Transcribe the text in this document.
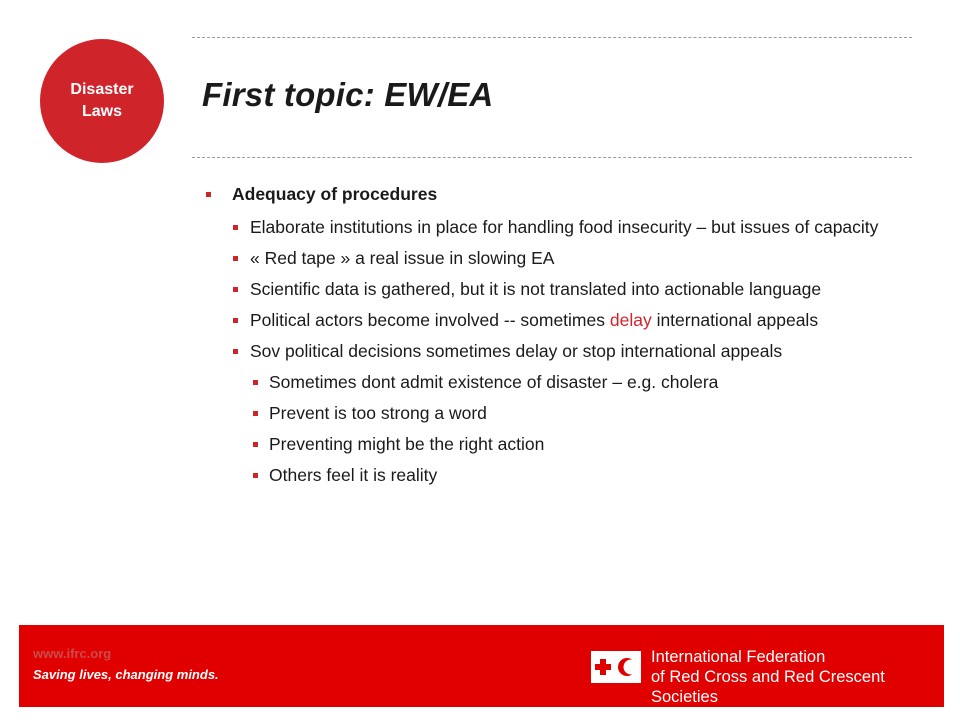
Disaster
Laws First topic: EW/EA
Adequacy of procedures
Elaborate institutions in place for handling food insecurity – but issues of capacity
« Red tape » a real issue in slowing EA
Scientific data is gathered, but it is not translated into actionable language
Political actors become involved -- sometimes delay international appeals
Sov political decisions sometimes delay or stop international appeals
Sometimes dont admit existence of disaster – e.g. cholera
Prevent is too strong a word
Preventing might be the right action
Others feel it is reality
www.ifrc.org
Saving lives, changing minds.
International Federation
of Red Cross and Red Crescent Societies
